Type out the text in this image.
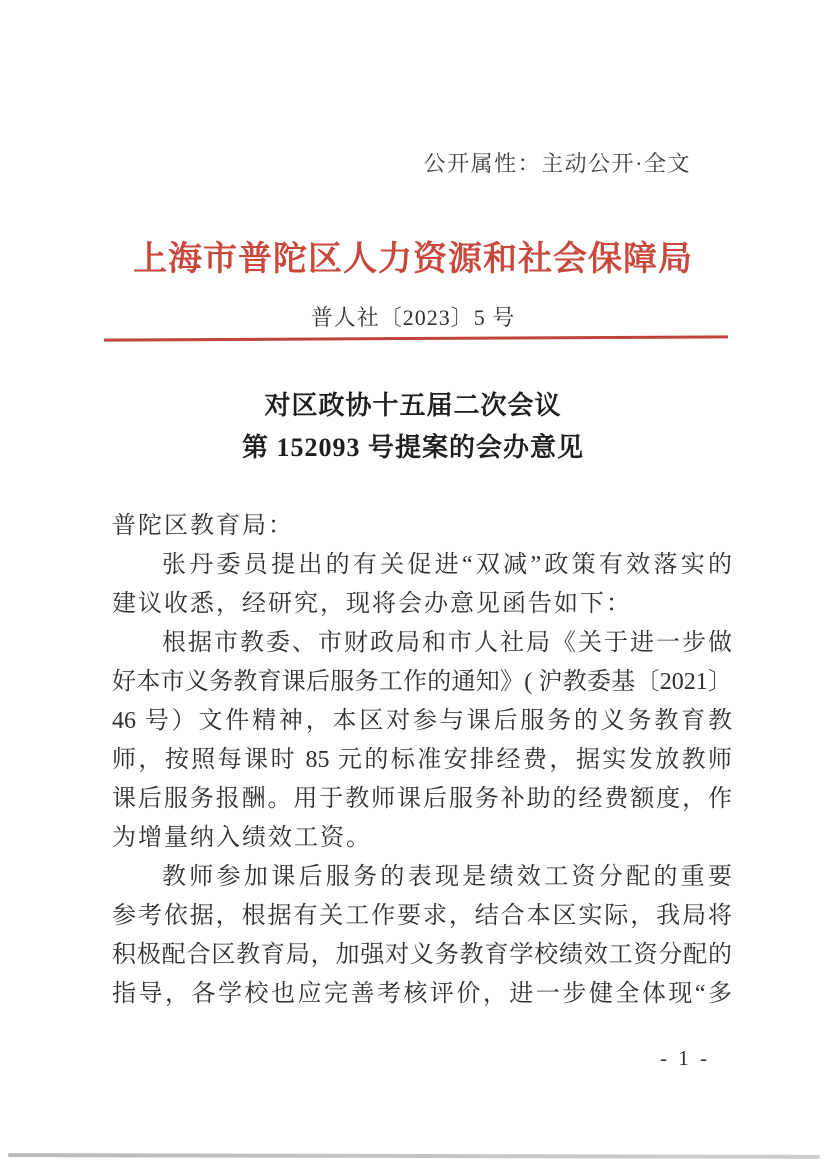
公开属性：主动公开·全文
上海市普陀区人力资源和社会保障局
普人社〔2023〕5 号
对区政协十五届二次会议
第 152093 号提案的会办意见
普陀区教育局：
张丹委员提出的有关促进“双减”政策有效落实的
建议收悉，经研究，现将会办意见函告如下：
根据市教委、市财政局和市人社局《关于进一步做
好本市义务教育课后服务工作的通知》( 沪教委基〔2021〕
46 号）文件精神，本区对参与课后服务的义务教育教
师，按照每课时 85 元的标准安排经费，据实发放教师
课后服务报酬。用于教师课后服务补助的经费额度，作
为增量纳入绩效工资。
教师参加课后服务的表现是绩效工资分配的重要
参考依据，根据有关工作要求，结合本区实际，我局将
积极配合区教育局，加强对义务教育学校绩效工资分配的
指导，各学校也应完善考核评价，进一步健全体现“多
- 1 -
